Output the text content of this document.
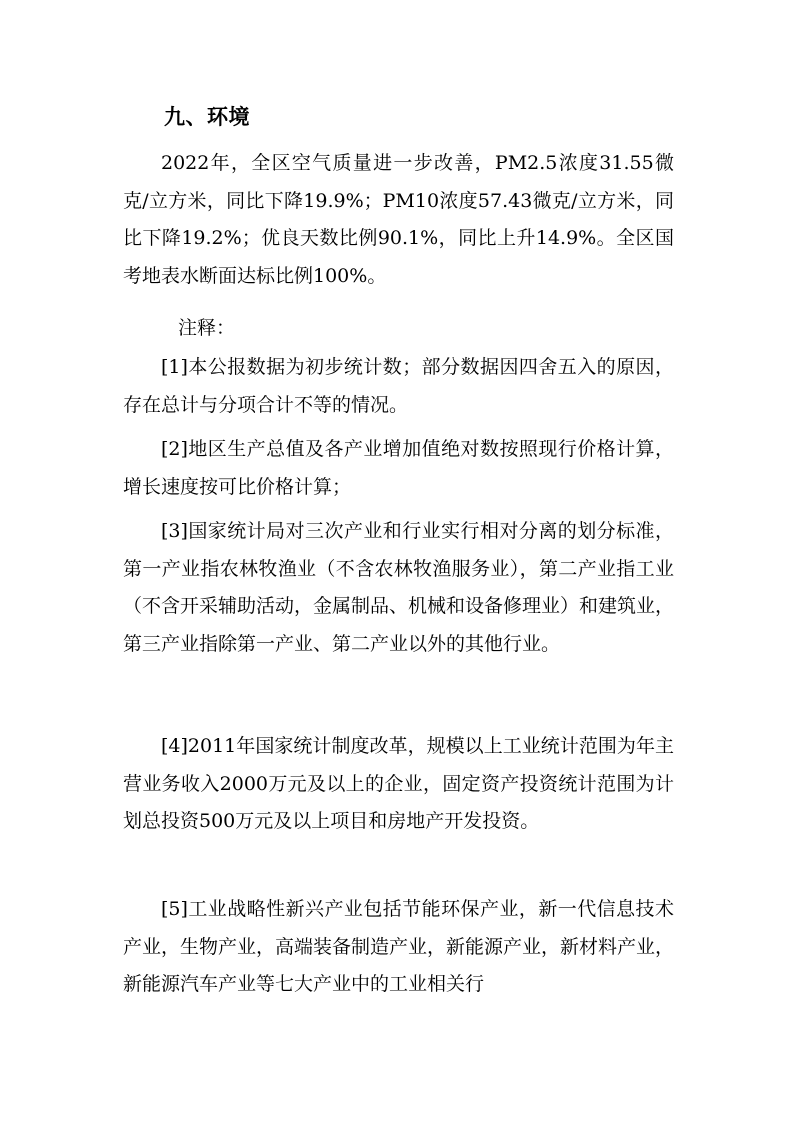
九、环境

2022年，全区空气质量进一步改善，PM2.5浓度31.55微克/立方米，同比下降19.9%；PM10浓度57.43微克/立方米，同比下降19.2%；优良天数比例90.1%，同比上升14.9%。全区国考地表水断面达标比例100%。

注释：

[1]本公报数据为初步统计数；部分数据因四舍五入的原因，存在总计与分项合计不等的情况。

[2]地区生产总值及各产业增加值绝对数按照现行价格计算，增长速度按可比价格计算；

[3]国家统计局对三次产业和行业实行相对分离的划分标准，第一产业指农林牧渔业（不含农林牧渔服务业），第二产业指工业（不含开采辅助活动，金属制品、机械和设备修理业）和建筑业，第三产业指除第一产业、第二产业以外的其他行业。

[4]2011年国家统计制度改革，规模以上工业统计范围为年主营业务收入2000万元及以上的企业，固定资产投资统计范围为计划总投资500万元及以上项目和房地产开发投资。

[5]工业战略性新兴产业包括节能环保产业，新一代信息技术产业，生物产业，高端装备制造产业，新能源产业，新材料产业，新能源汽车产业等七大产业中的工业相关行
